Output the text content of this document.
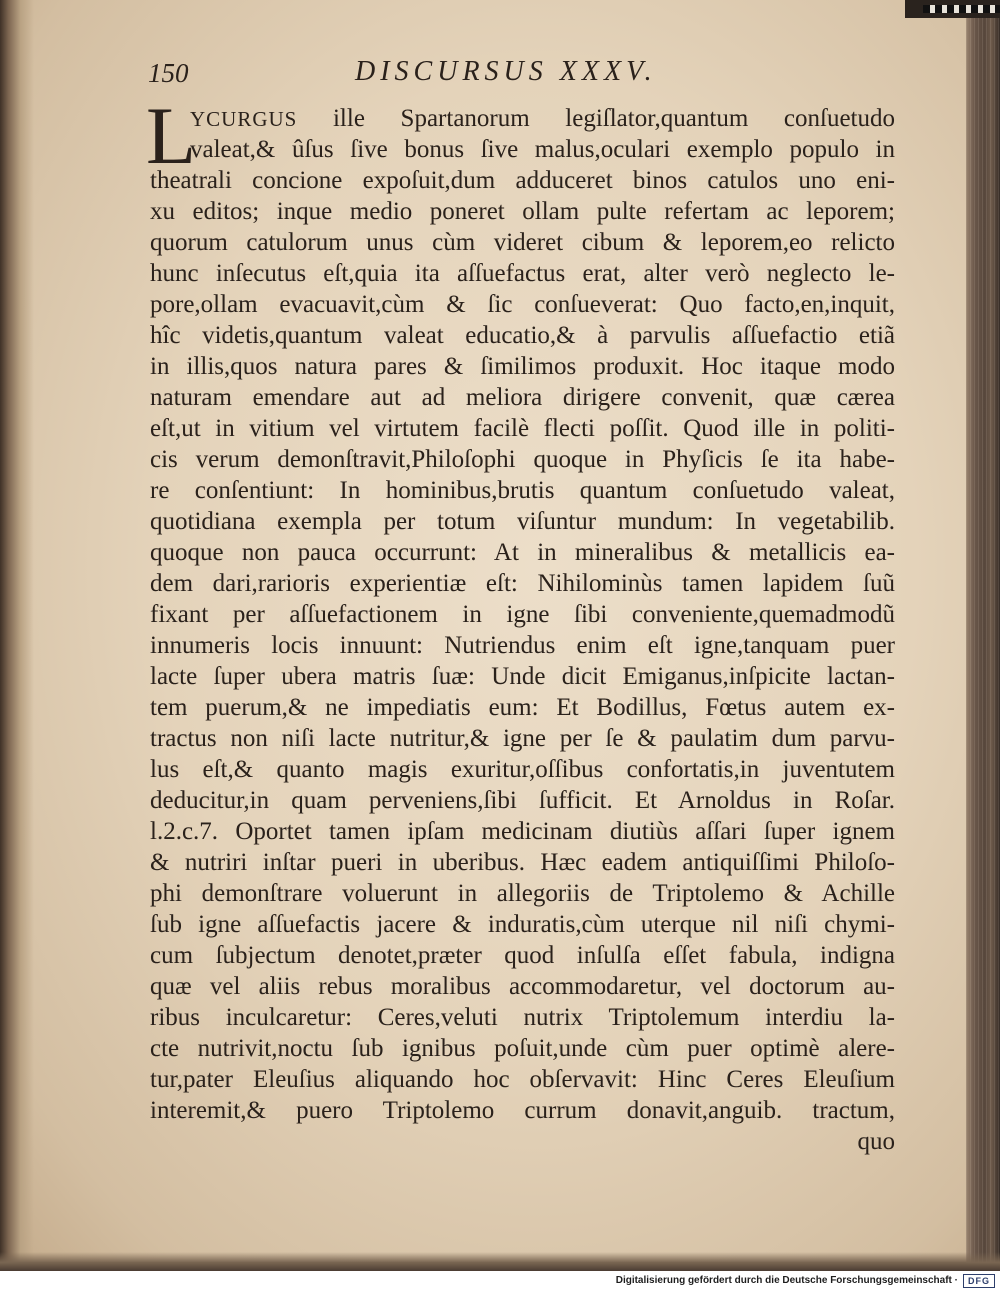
150	DISCURSUS XXXV.
L
YCURGUS ille Spartanorum legiſlator,quantum conſuetudo
valeat,& ûſus ſive bonus ſive malus,oculari exemplo populo in
theatrali concione expoſuit,dum adduceret binos catulos uno eni-
xu editos; inque medio poneret ollam pulte refertam ac leporem;
quorum catulorum unus cùm videret cibum & leporem,eo relicto
hunc inſecutus eſt,quia ita aſſuefactus erat, alter verò neglecto le-
pore,ollam evacuavit,cùm & ſic conſueverat: Quo facto,en,inquit,
hîc videtis,quantum valeat educatio,& à parvulis aſſuefactio etiã
in illis,quos natura pares & ſimilimos produxit. Hoc itaque modo
naturam emendare aut ad meliora dirigere convenit, quæ cærea
eſt,ut in vitium vel virtutem facilè flecti poſſit. Quod ille in politi-
cis verum demonſtravit,Philoſophi quoque in Phyſicis ſe ita habe-
re conſentiunt: In hominibus,brutis quantum conſuetudo valeat,
quotidiana exempla per totum viſuntur mundum: In vegetabilib.
quoque non pauca occurrunt: At in mineralibus & metallicis ea-
dem dari,rarioris experientiæ eſt: Nihilominùs tamen lapidem ſuũ
fixant per aſſuefactionem in igne ſibi conveniente,quemadmodũ
innumeris locis innuunt: Nutriendus enim eſt igne,tanquam puer
lacte ſuper ubera matris ſuæ: Unde dicit Emiganus,inſpicite lactan-
tem puerum,& ne impediatis eum: Et Bodillus, Fœtus autem ex-
tractus non niſi lacte nutritur,& igne per ſe & paulatim dum parvu-
lus eſt,& quanto magis exuritur,oſſibus confortatis,in juventutem
deducitur,in quam perveniens,ſibi ſufficit. Et Arnoldus in Roſar.
l.2.c.7. Oportet tamen ipſam medicinam diutiùs aſſari ſuper ignem
& nutriri inſtar pueri in uberibus. Hæc eadem antiquiſſimi Philoſo-
phi demonſtrare voluerunt in allegoriis de Triptolemo & Achille
ſub igne aſſuefactis jacere & induratis,cùm uterque nil niſi chymi-
cum ſubjectum denotet,præter quod inſulſa eſſet fabula, indigna
quæ vel aliis rebus moralibus accommodaretur, vel doctorum au-
ribus inculcaretur: Ceres,veluti nutrix Triptolemum interdiu la-
cte nutrivit,noctu ſub ignibus poſuit,unde cùm puer optimè alere-
tur,pater Eleuſius aliquando hoc obſervavit: Hinc Ceres Eleuſium
interemit,& puero Triptolemo currum donavit,anguib. tractum,
quo
Digitalisierung gefördert durch die Deutsche Forschungsgemeinschaft ·	DFG
